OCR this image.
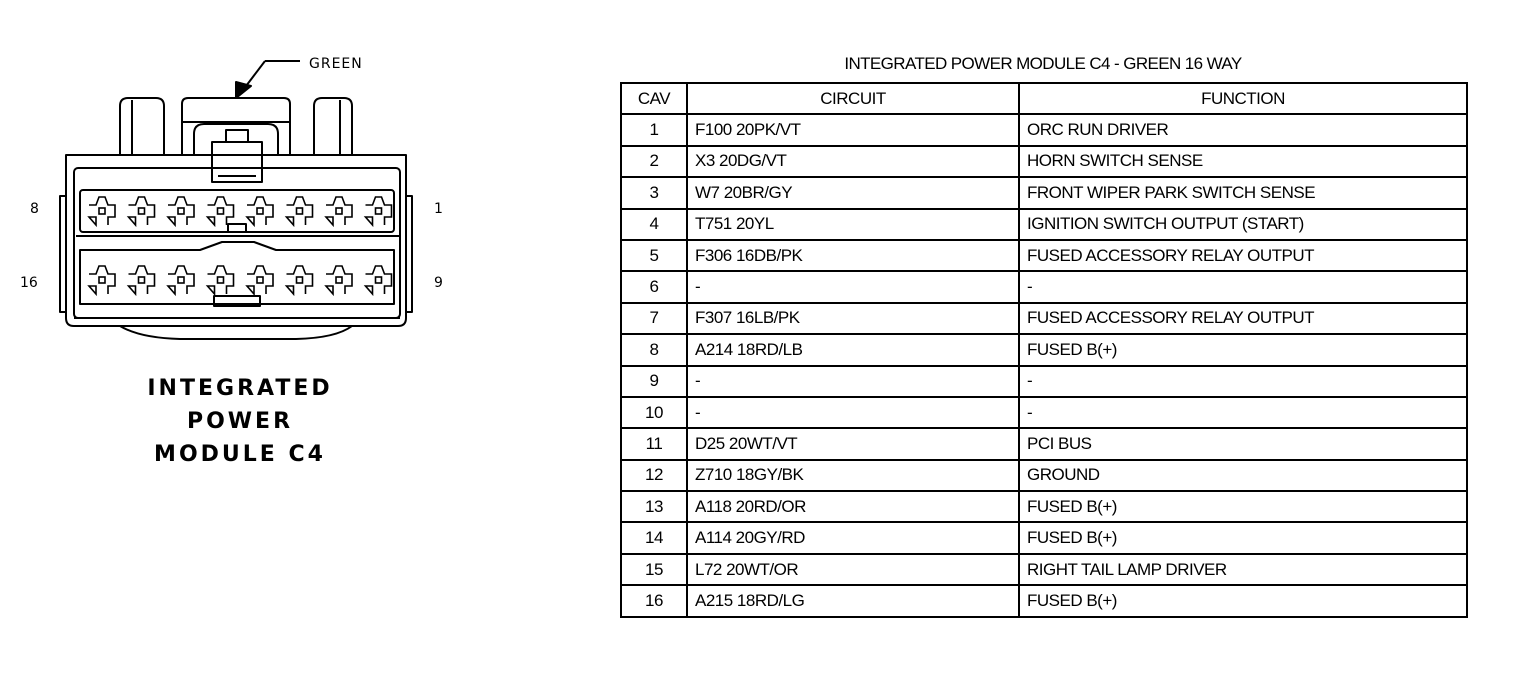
GREEN
8	1
16	9
INTEGRATED
POWER
MODULE C4
INTEGRATED POWER MODULE C4 - GREEN 16 WAY
CAV	CIRCUIT	FUNCTION
1	F100 20PK/VT	ORC RUN DRIVER
2	X3 20DG/VT	HORN SWITCH SENSE
3	W7 20BR/GY	FRONT WIPER PARK SWITCH SENSE
4	T751 20YL	IGNITION SWITCH OUTPUT (START)
5	F306 16DB/PK	FUSED ACCESSORY RELAY OUTPUT
6	-	-
7	F307 16LB/PK	FUSED ACCESSORY RELAY OUTPUT
8	A214 18RD/LB	FUSED B(+)
9	-	-
10	-	-
11	D25 20WT/VT	PCI BUS
12	Z710 18GY/BK	GROUND
13	A118 20RD/OR	FUSED B(+)
14	A114 20GY/RD	FUSED B(+)
15	L72 20WT/OR	RIGHT TAIL LAMP DRIVER
16	A215 18RD/LG	FUSED B(+)
